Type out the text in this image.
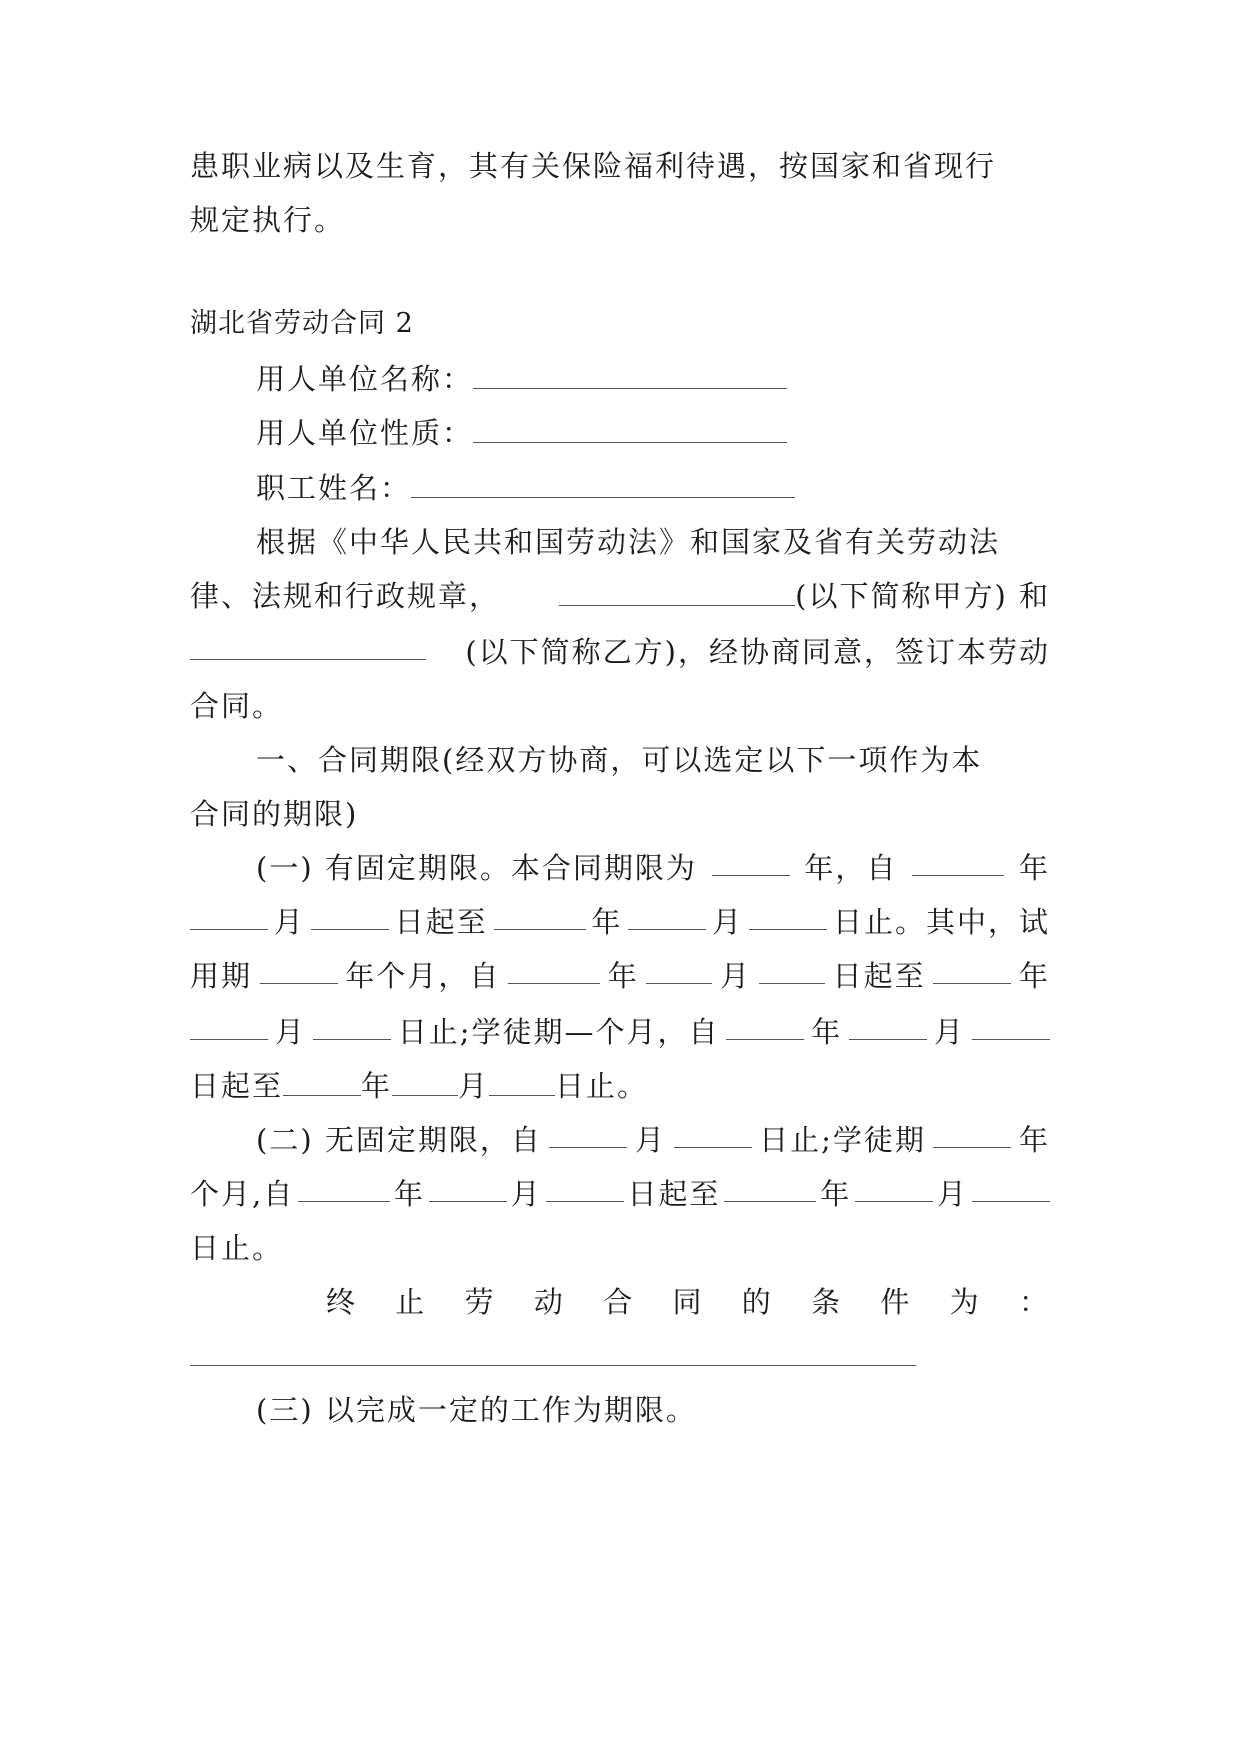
患职业病以及生育，其有关保险福利待遇，按国家和省现行
规定执行。
湖北省劳动合同 2
用人单位名称：
用人单位性质：
职工姓名：
根据《中华人民共和国劳动法》和国家及省有关劳动法
律、法规和行政规章，	(以下简称甲方) 和
(以下简称乙方)，经协商同意，签订本劳动
合同。
一、合同期限(经双方协商，可以选定以下一项作为本
合同的期限)
(一) 有固定期限。本合同期限为	年，自	年
月	日起至	年	月	日止。其中，试
用期	年个月，自	年	月	日起至	年
月	日止;学徒期—个月，自	年	月
日起至	年 月 日止。
(二) 无固定期限，自	月	日止;学徒期	年
个月,自	年	月	日起至	年	月
日止。
终 止 劳 动 合 同 的 条 件 为 ：
(三) 以完成一定的工作为期限。
